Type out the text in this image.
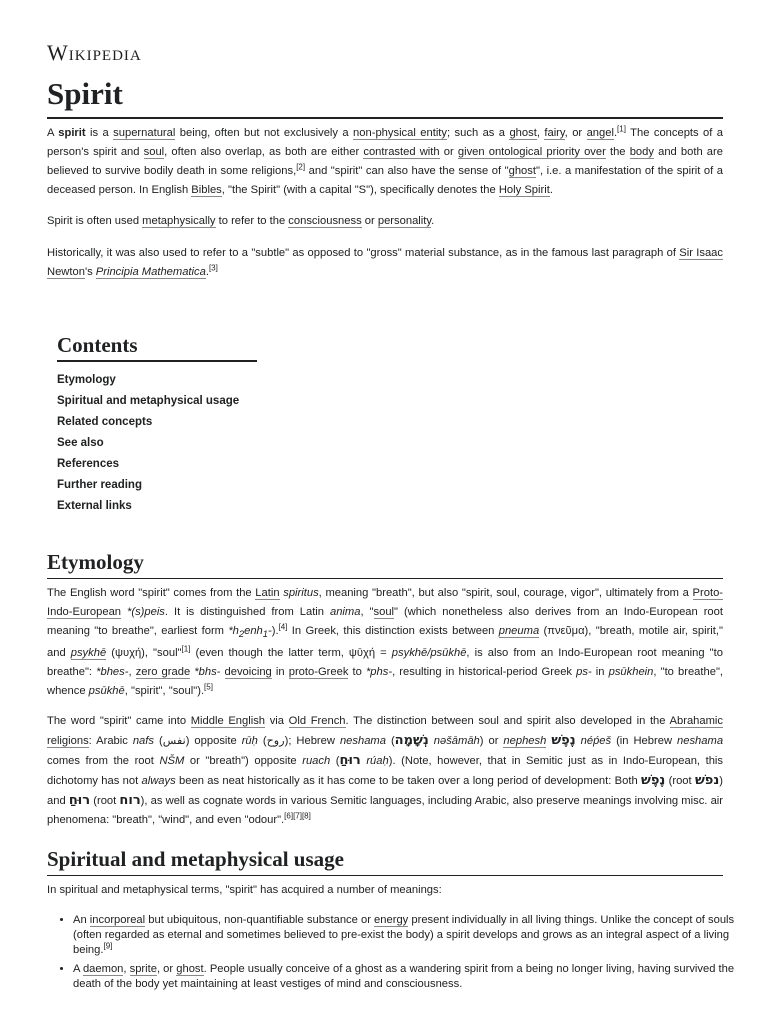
Wikipedia
Spirit

A spirit is a supernatural being, often but not exclusively a non-physical entity; such as a ghost, fairy, or angel.[1] The concepts of a person's spirit and soul, often also overlap, as both are either contrasted with or given ontological priority over the body and both are believed to survive bodily death in some religions,[2] and "spirit" can also have the sense of "ghost", i.e. a manifestation of the spirit of a deceased person. In English Bibles, "the Spirit" (with a capital "S"), specifically denotes the Holy Spirit.

Spirit is often used metaphysically to refer to the consciousness or personality.

Historically, it was also used to refer to a "subtle" as opposed to "gross" material substance, as in the famous last paragraph of Sir Isaac Newton's Principia Mathematica.[3]

Contents
Etymology
Spiritual and metaphysical usage
Related concepts
See also
References
Further reading
External links
Etymology

The English word "spirit" comes from the Latin spiritus, meaning "breath", but also "spirit, soul, courage, vigor", ultimately from a Proto-Indo-European *(s)peis. It is distinguished from Latin anima, "soul" (which nonetheless also derives from an Indo-European root meaning "to breathe", earliest form $*h_2enh_1-).[4]$ In Greek, this distinction exists between pneuma (πνεῦμα), "breath, motile air, spirit," and psykhē (ψυχή), "soul"[1] (even though the latter term, ψῡχή = psykhē/psūkhē, is also from an Indo-European root meaning "to breathe": *bhes-, zero grade *bhs- devoicing in proto-Greek to *phs-, resulting in historical-period Greek ps- in psūkhein, "to breathe", whence psūkhē, "spirit", "soul").[5]

The word "spirit" came into Middle English via Old French. The distinction between soul and spirit also developed in the Abrahamic religions: Arabic nafs (نفس) opposite rūḥ (روح); Hebrew neshama (נְשָׁמָה nəšāmāh) or nephesh נֶפֶשׁ néṕeš (in Hebrew neshama comes from the root NŠM or "breath") opposite ruach (רוּחַ rúaḥ). (Note, however, that in Semitic just as in Indo-European, this dichotomy has not always been as neat historically as it has come to be taken over a long period of development: Both נֶפֶשׁ (root נפשׁ) and רוּחַ (root רוח), as well as cognate words in various Semitic languages, including Arabic, also preserve meanings involving misc. air phenomena: "breath", "wind", and even "odour".[6][7][8]

Spiritual and metaphysical usage

In spiritual and metaphysical terms, "spirit" has acquired a number of meanings:

• An incorporeal but ubiquitous, non-quantifiable substance or energy present individually in all living things. Unlike the concept of souls (often regarded as eternal and sometimes believed to pre-exist the body) a spirit develops and grows as an integral aspect of a living being.[9]
• A daemon, sprite, or ghost. People usually conceive of a ghost as a wandering spirit from a being no longer living, having survived the death of the body yet maintaining at least vestiges of mind and consciousness.
